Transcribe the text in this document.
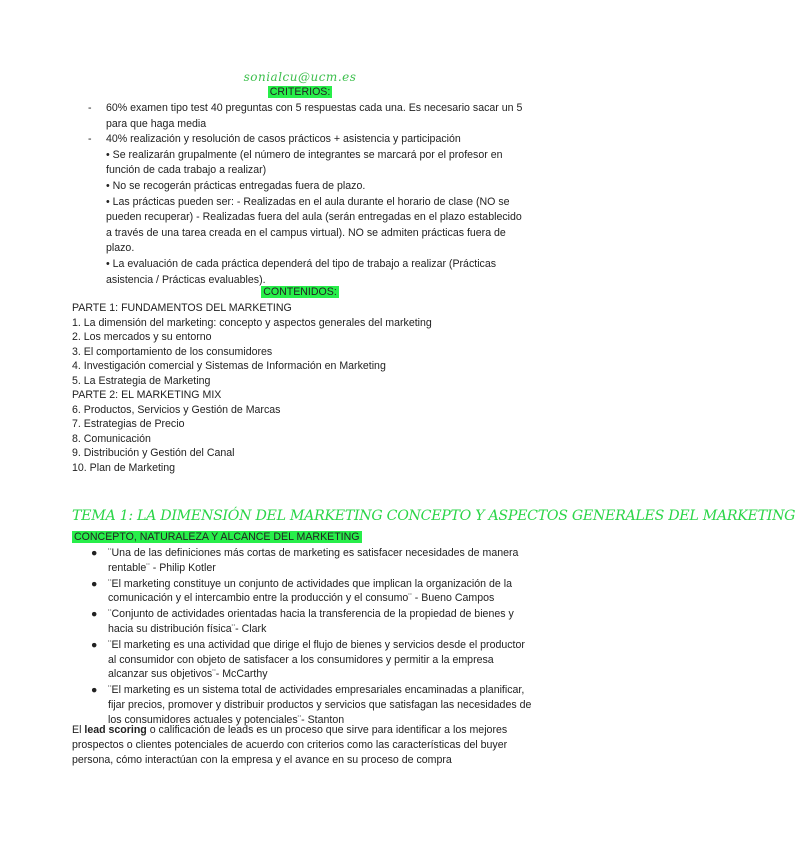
sonialcu@ucm.es
CRITERIOS:
- 60% examen tipo test 40 preguntas con 5 respuestas cada una. Es necesario sacar un 5 para que haga media
- 40% realización y resolución de casos prácticos + asistencia y participación
• Se realizarán grupalmente (el número de integrantes se marcará por el profesor en función de cada trabajo a realizar)
• No se recogerán prácticas entregadas fuera de plazo.
• Las prácticas pueden ser: - Realizadas en el aula durante el horario de clase (NO se pueden recuperar) - Realizadas fuera del aula (serán entregadas en el plazo establecido a través de una tarea creada en el campus virtual). NO se admiten prácticas fuera de plazo.
• La evaluación de cada práctica dependerá del tipo de trabajo a realizar (Prácticas asistencia / Prácticas evaluables).
CONTENIDOS:
PARTE 1: FUNDAMENTOS DEL MARKETING
1. La dimensión del marketing: concepto y aspectos generales del marketing
2. Los mercados y su entorno
3. El comportamiento de los consumidores
4. Investigación comercial y Sistemas de Información en Marketing
5. La Estrategia de Marketing
PARTE 2: EL MARKETING MIX
6. Productos, Servicios y Gestión de Marcas
7. Estrategias de Precio
8. Comunicación
9. Distribución y Gestión del Canal
10. Plan de Marketing
TEMA 1: LA DIMENSIÓN DEL MARKETING CONCEPTO Y ASPECTOS GENERALES DEL MARKETING
CONCEPTO, NATURALEZA Y ALCANCE DEL MARKETING
● ¨Una de las definiciones más cortas de marketing es satisfacer necesidades de manera rentable¨ - Philip Kotler
● ¨El marketing constituye un conjunto de actividades que implican la organización de la comunicación y el intercambio entre la producción y el consumo¨ - Bueno Campos
● ¨Conjunto de actividades orientadas hacia la transferencia de la propiedad de bienes y hacia su distribución física¨- Clark
● ¨El marketing es una actividad que dirige el flujo de bienes y servicios desde el productor al consumidor con objeto de satisfacer a los consumidores y permitir a la empresa alcanzar sus objetivos¨- McCarthy
● ¨El marketing es un sistema total de actividades empresariales encaminadas a planificar, fijar precios, promover y distribuir productos y servicios que satisfagan las necesidades de los consumidores actuales y potenciales¨- Stanton
El lead scoring o calificación de leads es un proceso que sirve para identificar a los mejores prospectos o clientes potenciales de acuerdo con criterios como las características del buyer persona, cómo interactúan con la empresa y el avance en su proceso de compra
